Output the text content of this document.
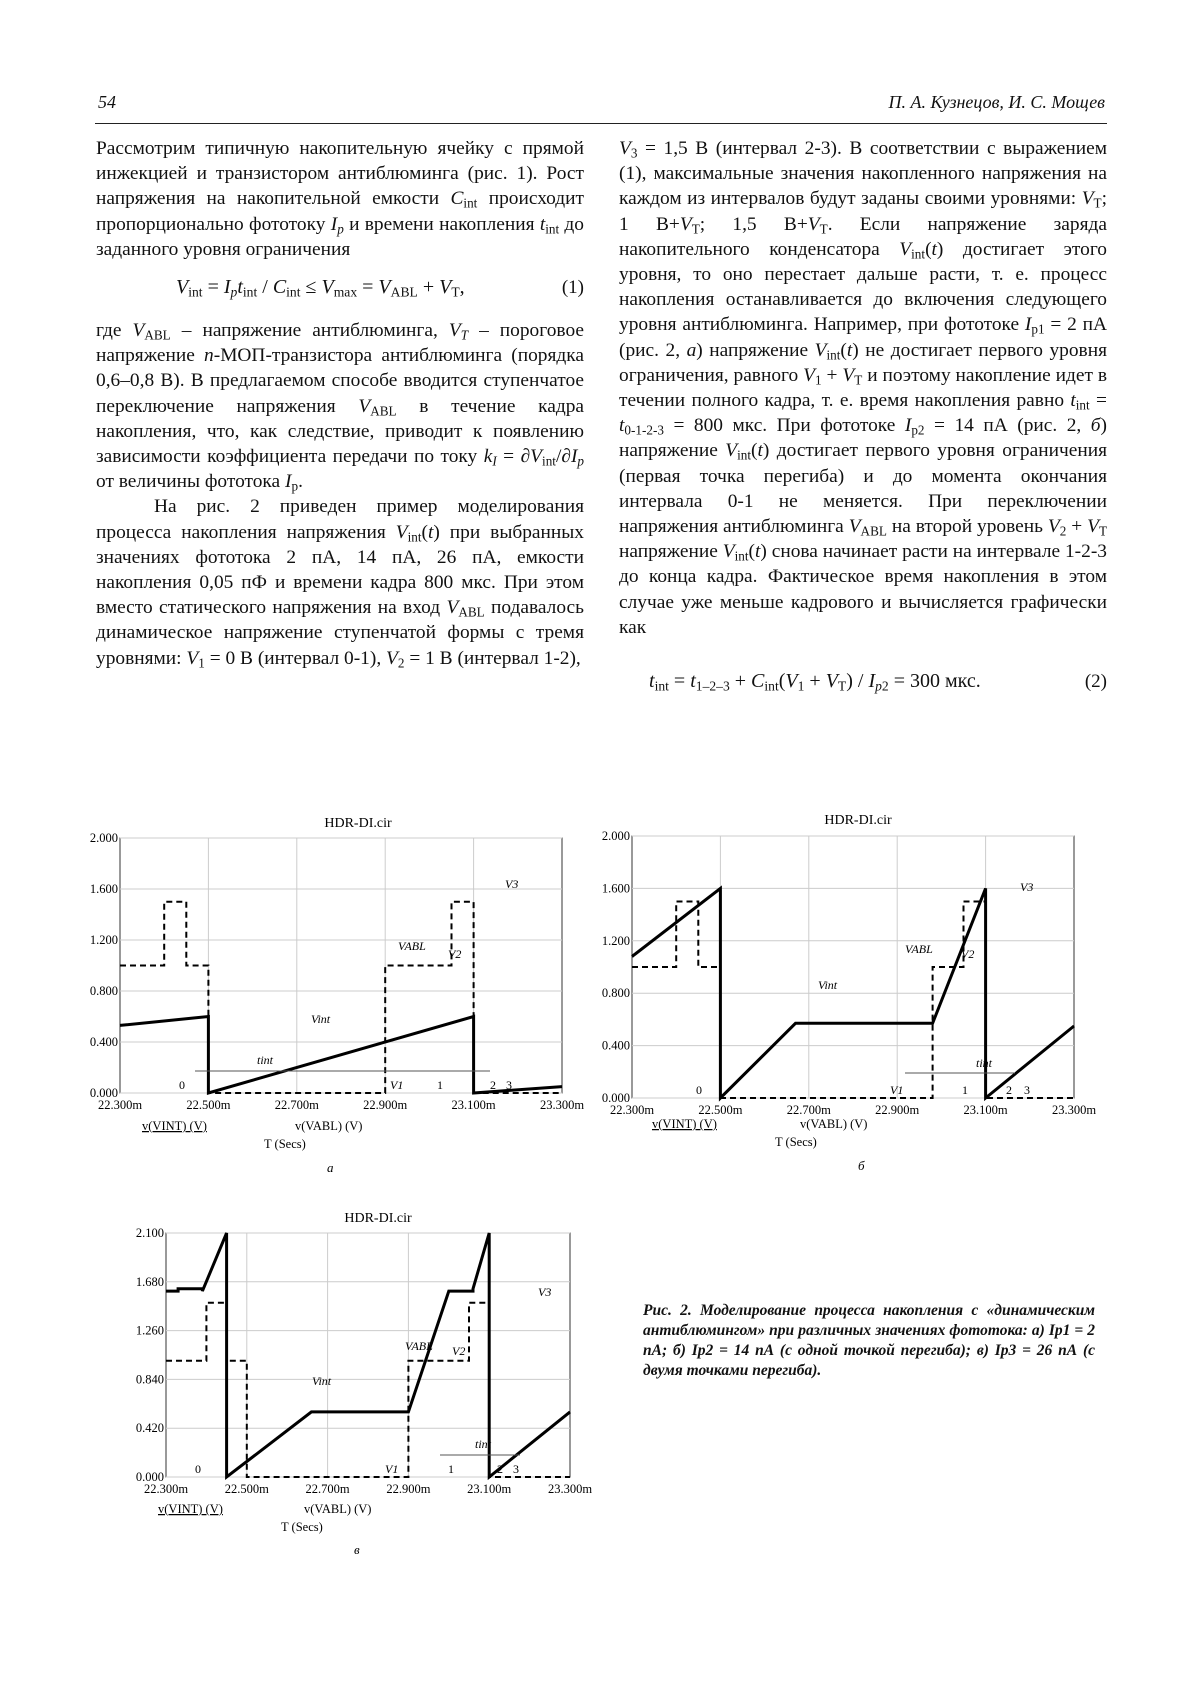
54	П. А. Кузнецов, И. С. Мощев

Рассмотрим типичную накопительную ячейку с прямой инжекцией и транзистором антиблюминга (рис. 1). Рост напряжения на накопительной емкости $C_{int}$ происходит пропорционально фототоку $I_p$ и времени накопления $t_{int}$ до заданного уровня ограничения

$V_{int} = I_pt_{int} / C_{int} \le V_{max} = V_{ABL} + V_T$,	(1)

где $V_{ABL}$ – напряжение антиблюминга, $V_T$ – пороговое напряжение n-МОП-транзистора антиблюминга (порядка 0,6–0,8 В). В предлагаемом способе вводится ступенчатое переключение напряжения $V_{ABL}$ в течение кадра накопления, что, как следствие, приводит к появлению зависимости коэффициента передачи по току $k_I = \partial V_{int}/\partial I_p$ от величины фототока $I_p$.

На рис. 2 приведен пример моделирования процесса накопления напряжения $V_{int}(t)$ при выбранных значениях фототока 2 пА, 14 пА, 26 пА, емкости накопления 0,05 пФ и времени кадра 800 мкс. При этом вместо статического напряжения на вход $V_{ABL}$ подавалось динамическое напряжение ступенчатой формы с тремя уровнями: $V_1 = 0$ В (интервал 0-1), $V_2 = 1$ В (интервал 1-2),

$V_3 = 1,5$ В (интервал 2-3). В соответствии с выражением (1), максимальные значения накопленного напряжения на каждом из интервалов будут заданы своими уровнями: $V_T$; 1 $В+V_T$; 1,5 $В+V_T$. Если напряжение заряда накопительного конденсатора $V_{int}(t)$ достигает этого уровня, то оно перестает дальше расти, т. е. процесс накопления останавливается до включения следующего уровня антиблюминга. Например, при фототоке $I_{p1} = 2$ пА (рис. 2, а) напряжение $V_{int}(t)$ не достигает первого уровня ограничения, равного $V_1 + V_T$ и поэтому накопление идет в течении полного кадра, т. е. время накопления равно $t_{int} = t_{0-1-2-3} = 800$ мкс. При фототоке $I_{p2} = 14$ пА (рис. 2, б) напряжение $V_{int}(t)$ достигает первого уровня ограничения (первая точка перегиба) и до момента окончания интервала 0-1 не меняется. При переключении напряжения антиблюминга $V_{ABL}$ на второй уровень $V_2 + V_T$ напряжение $V_{int}(t)$ снова начинает расти на интервале 1-2-3 до конца кадра. Фактическое время накопления в этом случае уже меньше кадрового и вычисляется графически как

$t_{int} = t_{1-2-3} + C_{int}(V_1 + V_T) / I_{p2} = 300$ мкс.	(2)
0.000
0.400
0.800
1.200
1.600
2.000
22.300m	22.500m	22.700m	22.900m	23.100m	23.300m
VABL
V2
V3
Vint
tint
V1
0	1	2 3
HDR-DI.cir
v(VINT) (V)	v(VABL) (V)
T (Secs)
а
0.000
0.400
0.800
1.200
1.600
2.000
22.300m	22.500m	22.700m	22.900m	23.100m	23.300m
VABL V2
V3
Vint
tint
V1
0	1	2 3
HDR-DI.cir
v(VINT) (V)	v(VABL) (V)
T (Secs)
б
0.000
0.420
0.840
1.260
1.680
2.100
22.300m	22.500m	22.700m	22.900m	23.100m	23.300m
VABL V2
V3
Vint
tint
V1
0	1	2 3
HDR-DI.cir
v(VINT) (V)	v(VABL) (V)
T (Secs)
в
Рис. 2. Моделирование процесса накопления с «динамическим антиблюмингом» при различных значениях фототока: а) Ip1 = 2 пА; б) Ip2 = 14 пА (с одной точкой перегиба); в) Ip3 = 26 пА (с двумя точками перегиба).
